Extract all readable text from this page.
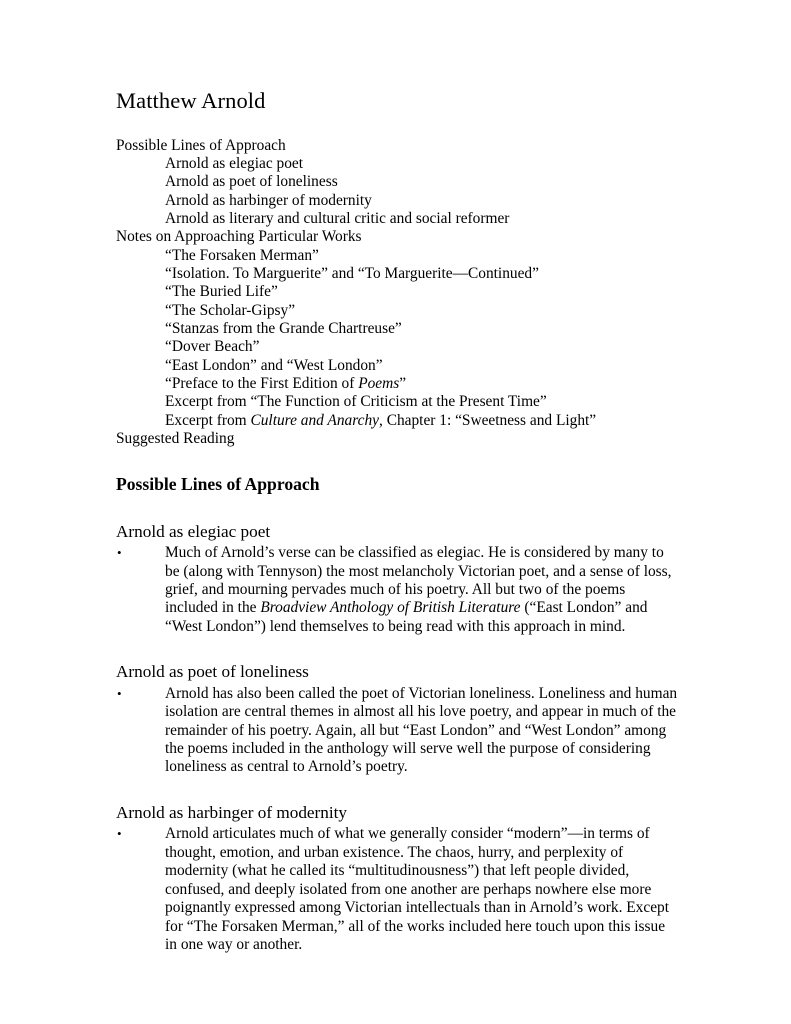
Matthew Arnold
Possible Lines of Approach
Arnold as elegiac poet
Arnold as poet of loneliness
Arnold as harbinger of modernity
Arnold as literary and cultural critic and social reformer
Notes on Approaching Particular Works
“The Forsaken Merman”
“Isolation. To Marguerite” and “To Marguerite—Continued”
“The Buried Life”
“The Scholar-Gipsy”
“Stanzas from the Grande Chartreuse”
“Dover Beach”
“East London” and “West London”
“Preface to the First Edition of Poems”
Excerpt from “The Function of Criticism at the Present Time”
Excerpt from Culture and Anarchy, Chapter 1: “Sweetness and Light”
Suggested Reading
Possible Lines of Approach
Arnold as elegiac poet
•	Much of Arnold’s verse can be classified as elegiac. He is considered by many to be (along with Tennyson) the most melancholy Victorian poet, and a sense of loss, grief, and mourning pervades much of his poetry. All but two of the poems included in the Broadview Anthology of British Literature (“East London” and “West London”) lend themselves to being read with this approach in mind.
Arnold as poet of loneliness
•	Arnold has also been called the poet of Victorian loneliness. Loneliness and human isolation are central themes in almost all his love poetry, and appear in much of the remainder of his poetry. Again, all but “East London” and “West London” among the poems included in the anthology will serve well the purpose of considering loneliness as central to Arnold’s poetry.
Arnold as harbinger of modernity
•	Arnold articulates much of what we generally consider “modern”—in terms of thought, emotion, and urban existence. The chaos, hurry, and perplexity of modernity (what he called its “multitudinousness”) that left people divided, confused, and deeply isolated from one another are perhaps nowhere else more poignantly expressed among Victorian intellectuals than in Arnold’s work. Except for “The Forsaken Merman,” all of the works included here touch upon this issue in one way or another.
